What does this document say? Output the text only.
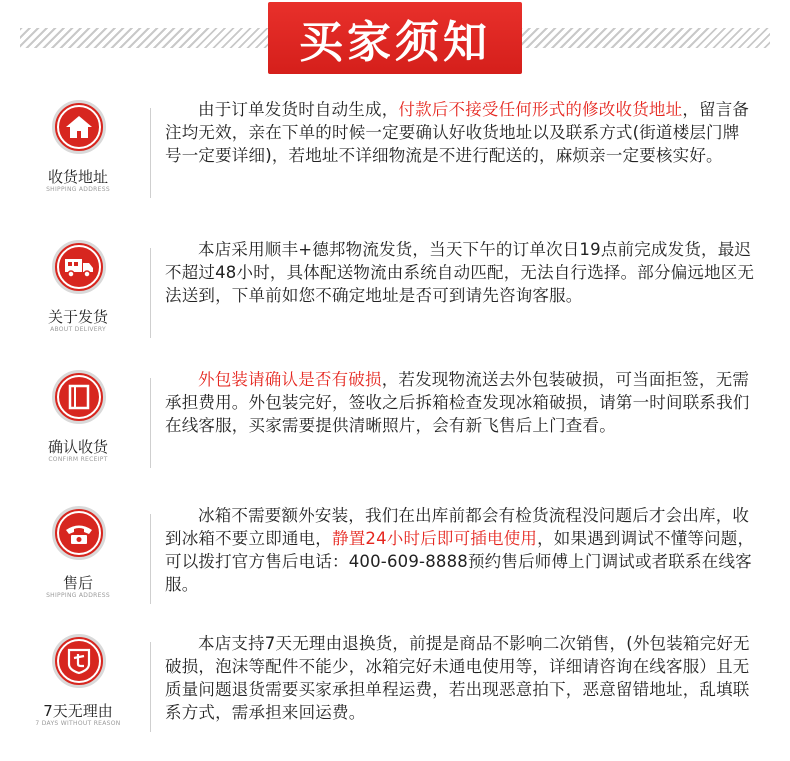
买家须知
收货地址
SHIPPING ADDRESS
由于订单发货时自动生成，付款后不接受任何形式的修改收货地址，留言备注均无效，亲在下单的时候一定要确认好收货地址以及联系方式(街道楼层门牌号一定要详细)，若地址不详细物流是不进行配送的，麻烦亲一定要核实好。
关于发货
ABOUT DELIVERY
本店采用顺丰+德邦物流发货，当天下午的订单次日19点前完成发货，最迟不超过48小时，具体配送物流由系统自动匹配，无法自行选择。部分偏远地区无法送到，下单前如您不确定地址是否可到请先咨询客服。
确认收货
CONFIRM RECEIPT
外包装请确认是否有破损，若发现物流送去外包装破损，可当面拒签，无需承担费用。外包装完好，签收之后拆箱检查发现冰箱破损，请第一时间联系我们在线客服，买家需要提供清晰照片，会有新飞售后上门查看。
售后
SHIPPING ADDRESS
冰箱不需要额外安装，我们在出库前都会有检货流程没问题后才会出库，收到冰箱不要立即通电，静置24小时后即可插电使用，如果遇到调试不懂等问题，可以拨打官方售后电话：400-609-8888预约售后师傅上门调试或者联系在线客服。
7天无理由
7 DAYS WITHOUT REASON
本店支持7天无理由退换货，前提是商品不影响二次销售，(外包装箱完好无破损，泡沫等配件不能少，冰箱完好未通电使用等，详细请咨询在线客服）且无质量问题退货需要买家承担单程运费，若出现恶意拍下，恶意留错地址，乱填联系方式，需承担来回运费。
